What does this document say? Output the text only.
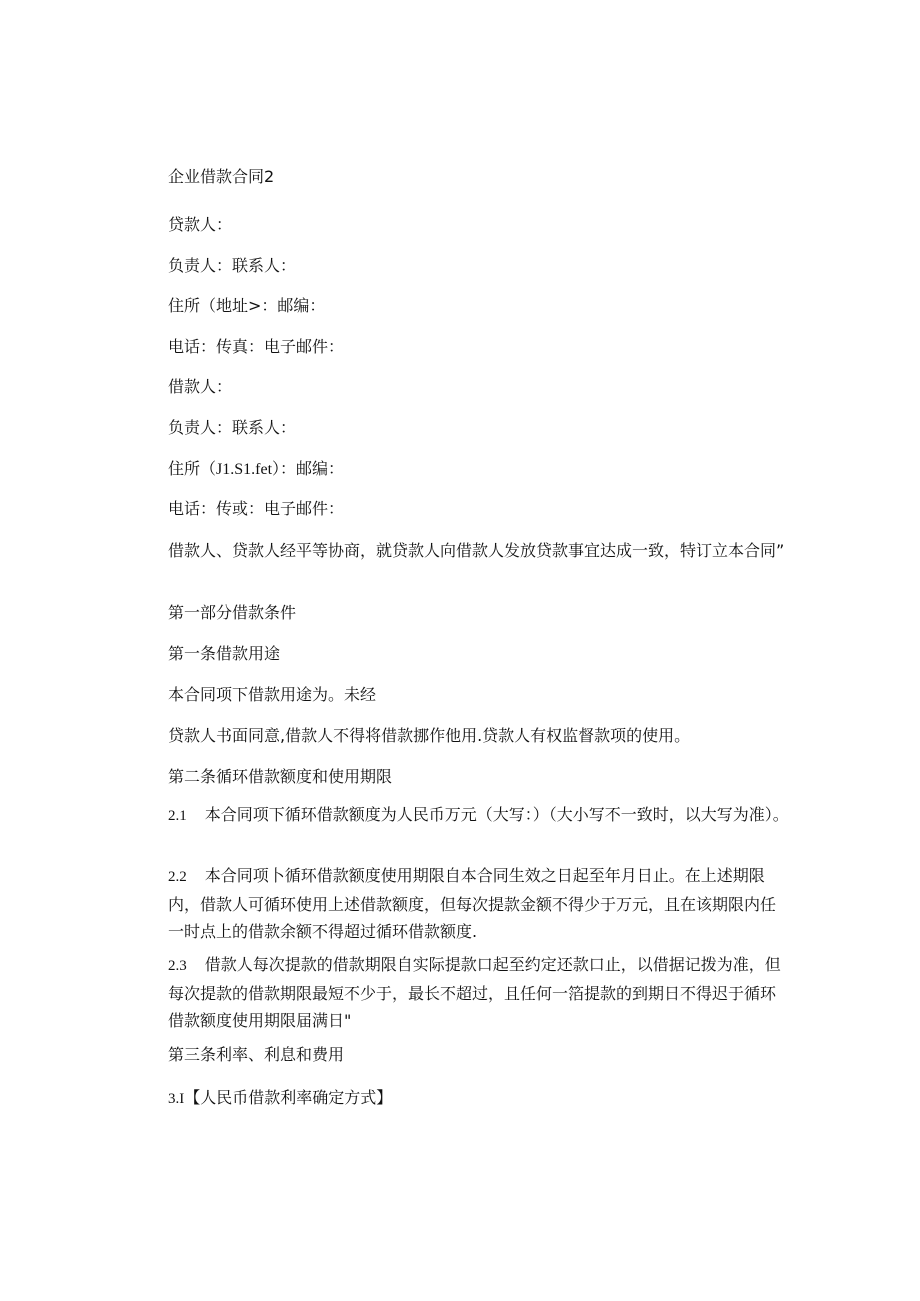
企业借款合同2

贷款人：

负责人：联系人：

住所（地址>：邮编：

电话：传真：电子邮件：

借款人：

负责人：联系人：

住所（J1.S1.fet）：邮编：

电话：传或：电子邮件：

借款人、贷款人经平等协商，就贷款人向借款人发放贷款事宜达成一致，特订立本合同”

第一部分借款条件

第一条借款用途

本合同项下借款用途为。未经

贷款人书面同意,借款人不得将借款挪作他用.贷款人有权监督款项的使用。

第二条循环借款额度和使用期限

2.1 本合同项下循环借款额度为人民币万元（大写：）（大小写不一致时，以大写为准）。

2.2 本合同项卜循环借款额度使用期限自本合同生效之日起至年月日止。在上述期限内，借款人可循环使用上述借款额度，但每次提款金额不得少于万元，且在该期限内任一时点上的借款余额不得超过循环借款额度.

2.3 借款人每次提款的借款期限自实际提款口起至约定还款口止，以借据记拨为准，但每次提款的借款期限最短不少于，最长不超过，且任何一箔提款的到期日不得迟于循环借款额度使用期限届满日"

第三条利率、利息和费用

3.I【人民币借款利率确定方式】
